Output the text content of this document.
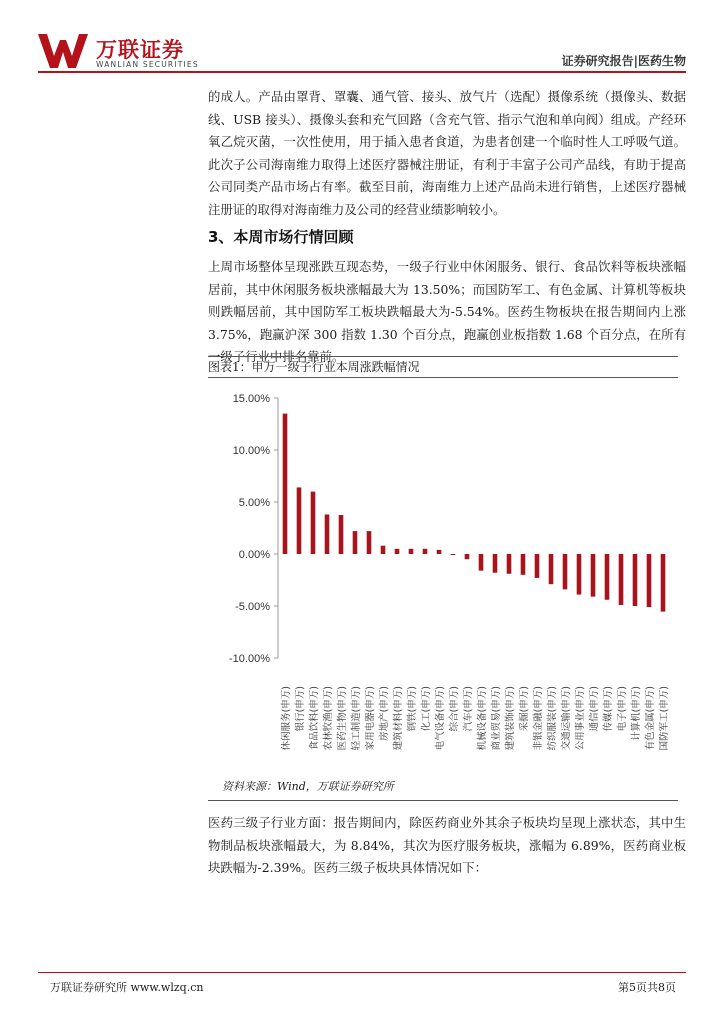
万联证券
WANLIAN SECURITIES	证券研究报告|医药生物
的成人。产品由罩背、罩囊、通气管、接头、放气片（选配）摄像系统（摄像头、数据线、USB 接头）、摄像头套和充气回路（含充气管、指示气泡和单向阀）组成。产经环氧乙烷灭菌，一次性使用，用于插入患者食道，为患者创建一个临时性人工呼吸气道。此次子公司海南维力取得上述医疗器械注册证，有利于丰富子公司产品线，有助于提高公司同类产品市场占有率。截至目前，海南维力上述产品尚未进行销售，上述医疗器械注册证的取得对海南维力及公司的经营业绩影响较小。
3、本周市场行情回顾
上周市场整体呈现涨跌互现态势，一级子行业中休闲服务、银行、食品饮料等板块涨幅居前，其中休闲服务板块涨幅最大为 13.50%；而国防军工、有色金属、计算机等板块则跌幅居前，其中国防军工板块跌幅最大为-5.54%。医药生物板块在报告期间内上涨 3.75%，跑赢沪深 300 指数 1.30 个百分点，跑赢创业板指数 1.68 个百分点，在所有一级子行业中排名靠前。
图表1：申万一级子行业本周涨跌幅情况
15.00%
10.00%
5.00%
0.00%
-5.00%
-10.00%
休闲服务(申万) 银行(申万) 食品饮料(申万) 农林牧渔(申万) 医药生物(申万) 轻工制造(申万) 家用电器(申万) 房地产(申万) 建筑材料(申万) 钢铁(申万) 化工(申万) 电气设备(申万) 综合(申万) 汽车(申万) 机械设备(申万) 商业贸易(申万) 建筑装饰(申万) 采掘(申万) 非银金融(申万) 纺织服装(申万) 交通运输(申万) 公用事业(申万) 通信(申万) 传媒(申万) 电子(申万) 计算机(申万) 有色金属(申万) 国防军工(申万)
资料来源：Wind，万联证券研究所
医药三级子行业方面：报告期间内，除医药商业外其余子板块均呈现上涨状态，其中生物制品板块涨幅最大，为 8.84%，其次为医疗服务板块，涨幅为 6.89%，医药商业板块跌幅为-2.39%。医药三级子板块具体情况如下：
万联证券研究所 www.wlzq.cn	第5页共8页
